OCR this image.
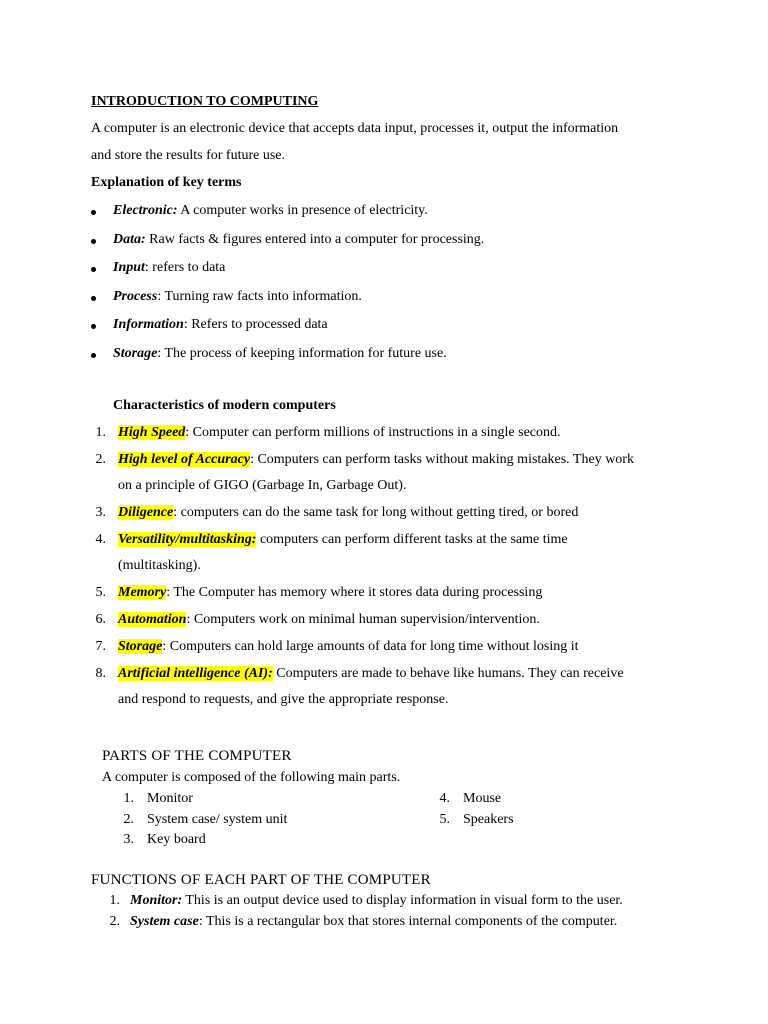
INTRODUCTION TO COMPUTING
A computer is an electronic device that accepts data input, processes it, output the information
and store the results for future use.
Explanation of key terms
Electronic: A computer works in presence of electricity.
Data: Raw facts & figures entered into a computer for processing.
Input: refers to data
Process: Turning raw facts into information.
Information: Refers to processed data
Storage: The process of keeping information for future use.
Characteristics of modern computers
1. High Speed: Computer can perform millions of instructions in a single second.
2. High level of Accuracy: Computers can perform tasks without making mistakes. They work
on a principle of GIGO (Garbage In, Garbage Out).
3. Diligence: computers can do the same task for long without getting tired, or bored
4. Versatility/multitasking: computers can perform different tasks at the same time
(multitasking).
5. Memory: The Computer has memory where it stores data during processing
6. Automation: Computers work on minimal human supervision/intervention.
7. Storage: Computers can hold large amounts of data for long time without losing it
8. Artificial intelligence (AI): Computers are made to behave like humans. They can receive
and respond to requests, and give the appropriate response.
PARTS OF THE COMPUTER
A computer is composed of the following main parts.
1. Monitor
2. System case/ system unit
3. Key board
4. Mouse
5. Speakers
FUNCTIONS OF EACH PART OF THE COMPUTER
1. Monitor: This is an output device used to display information in visual form to the user.
2. System case: This is a rectangular box that stores internal components of the computer.
